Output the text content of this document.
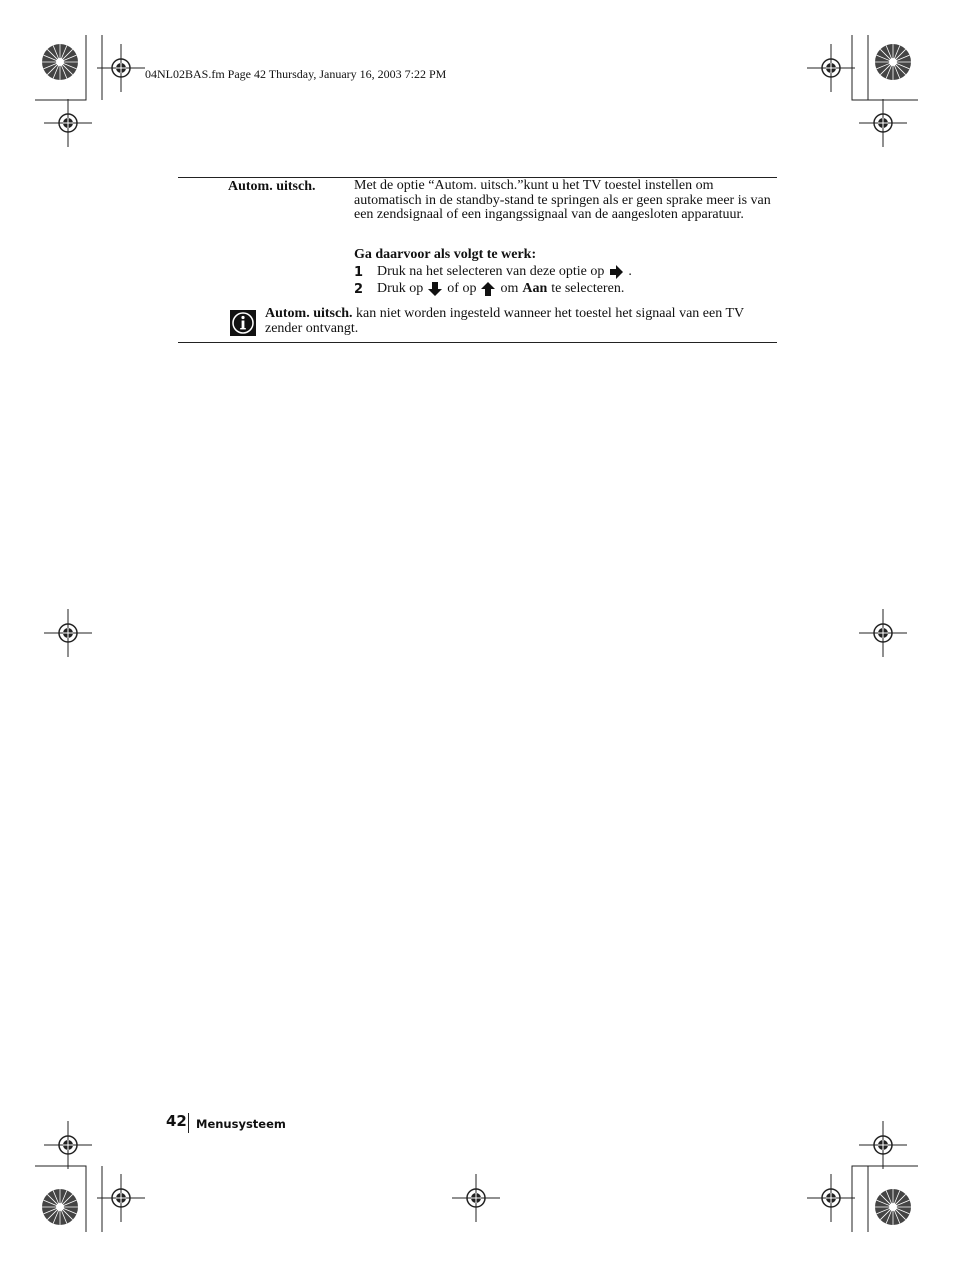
04NL02BAS.fm Page 42 Thursday, January 16, 2003 7:22 PM
Autom. uitsch.	Met de optie “Autom. uitsch.”kunt u het TV toestel instellen om automatisch in de standby-stand te springen als er geen sprake meer is van een zendsignaal of een ingangssignaal van de aangesloten apparatuur.
Ga daarvoor als volgt te werk:
1 Druk na het selecteren van deze optie op .
2 Druk op of op om Aan te selecteren.
Autom. uitsch. kan niet worden ingesteld wanneer het toestel het signaal van een TV zender ontvangt.
42 Menusysteem
